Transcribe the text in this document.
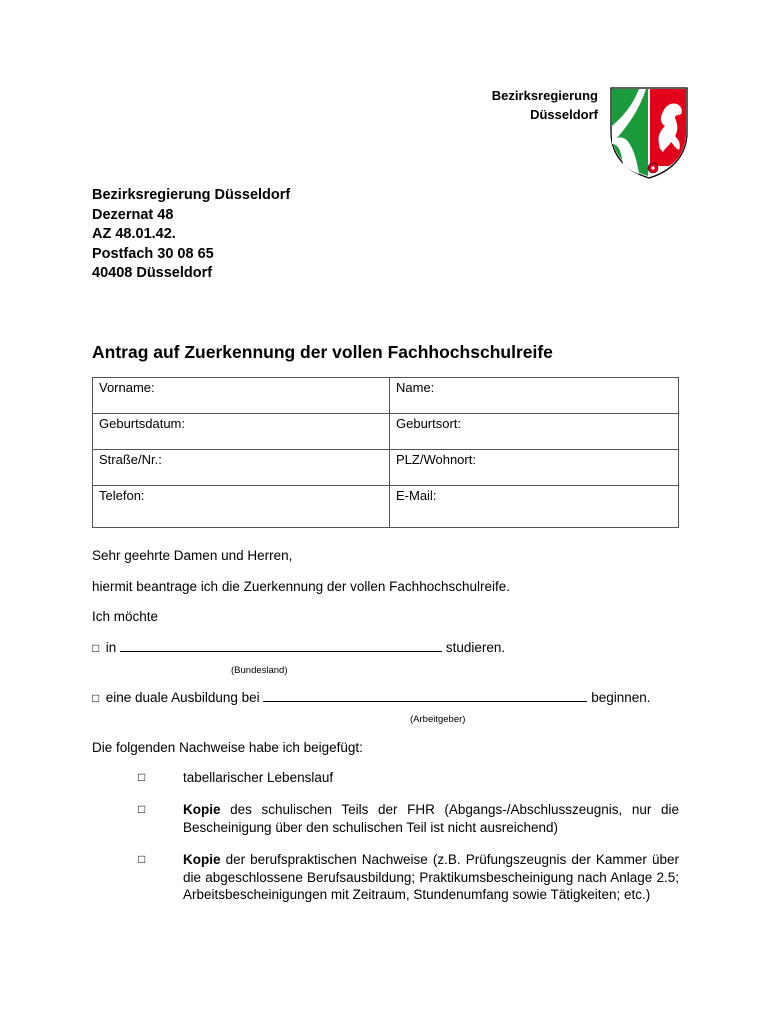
Bezirksregierung
Düsseldorf
Bezirksregierung Düsseldorf
Dezernat 48
AZ 48.01.42.
Postfach 30 08 65
40408 Düsseldorf
Antrag auf Zuerkennung der vollen Fachhochschulreife
Vorname:	Name:
Geburtsdatum:	Geburtsort:
Straße/Nr.:	PLZ/Wohnort:
Telefon:	E-Mail:
Sehr geehrte Damen und Herren,
hiermit beantrage ich die Zuerkennung der vollen Fachhochschulreife.
Ich möchte
□ in	studieren.
(Bundesland)
□ eine duale Ausbildung bei	beginnen.
(Arbeitgeber)
Die folgenden Nachweise habe ich beigefügt:
□	tabellarischer Lebenslauf
□	Kopie des schulischen Teils der FHR (Abgangs-/Abschlusszeugnis, nur die Bescheinigung über den schulischen Teil ist nicht ausreichend)
□	Kopie der berufspraktischen Nachweise (z.B. Prüfungszeugnis der Kammer über die abgeschlossene Berufsausbildung; Praktikumsbescheinigung nach Anlage 2.5; Arbeitsbescheinigungen mit Zeitraum, Stundenumfang sowie Tätigkeiten; etc.)
